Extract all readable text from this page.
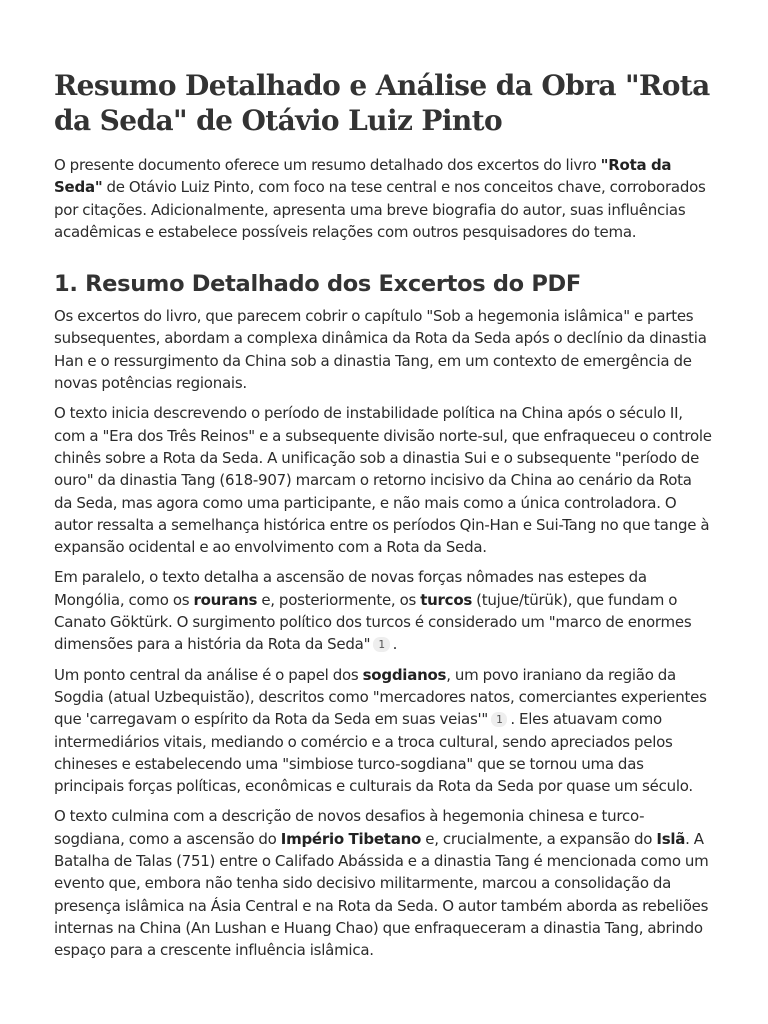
Resumo Detalhado e Análise da Obra "Rota da Seda" de Otávio Luiz Pinto

O presente documento oferece um resumo detalhado dos excertos do livro "Rota da Seda" de Otávio Luiz Pinto, com foco na tese central e nos conceitos chave, corroborados por citações. Adicionalmente, apresenta uma breve biografia do autor, suas influências acadêmicas e estabelece possíveis relações com outros pesquisadores do tema.

1. Resumo Detalhado dos Excertos do PDF

Os excertos do livro, que parecem cobrir o capítulo "Sob a hegemonia islâmica" e partes subsequentes, abordam a complexa dinâmica da Rota da Seda após o declínio da dinastia Han e o ressurgimento da China sob a dinastia Tang, em um contexto de emergência de novas potências regionais.

O texto inicia descrevendo o período de instabilidade política na China após o século II, com a "Era dos Três Reinos" e a subsequente divisão norte-sul, que enfraqueceu o controle chinês sobre a Rota da Seda. A unificação sob a dinastia Sui e o subsequente "período de ouro" da dinastia Tang (618-907) marcam o retorno incisivo da China ao cenário da Rota da Seda, mas agora como uma participante, e não mais como a única controladora. O autor ressalta a semelhança histórica entre os períodos Qin-Han e Sui-Tang no que tange à expansão ocidental e ao envolvimento com a Rota da Seda.

Em paralelo, o texto detalha a ascensão de novas forças nômades nas estepes da Mongólia, como os rourans e, posteriormente, os turcos (tujue/türük), que fundam o Canato Göktürk. O surgimento político dos turcos é considerado um "marco de enormes dimensões para a história da Rota da Seda" 1 .

Um ponto central da análise é o papel dos sogdianos, um povo iraniano da região da Sogdia (atual Uzbequistão), descritos como "mercadores natos, comerciantes experientes que 'carregavam o espírito da Rota da Seda em suas veias'" 1 . Eles atuavam como intermediários vitais, mediando o comércio e a troca cultural, sendo apreciados pelos chineses e estabelecendo uma "simbiose turco-sogdiana" que se tornou uma das principais forças políticas, econômicas e culturais da Rota da Seda por quase um século.

O texto culmina com a descrição de novos desafios à hegemonia chinesa e turco-sogdiana, como a ascensão do Império Tibetano e, crucialmente, a expansão do Islã. A Batalha de Talas (751) entre o Califado Abássida e a dinastia Tang é mencionada como um evento que, embora não tenha sido decisivo militarmente, marcou a consolidação da presença islâmica na Ásia Central e na Rota da Seda. O autor também aborda as rebeliões internas na China (An Lushan e Huang Chao) que enfraqueceram a dinastia Tang, abrindo espaço para a crescente influência islâmica.
